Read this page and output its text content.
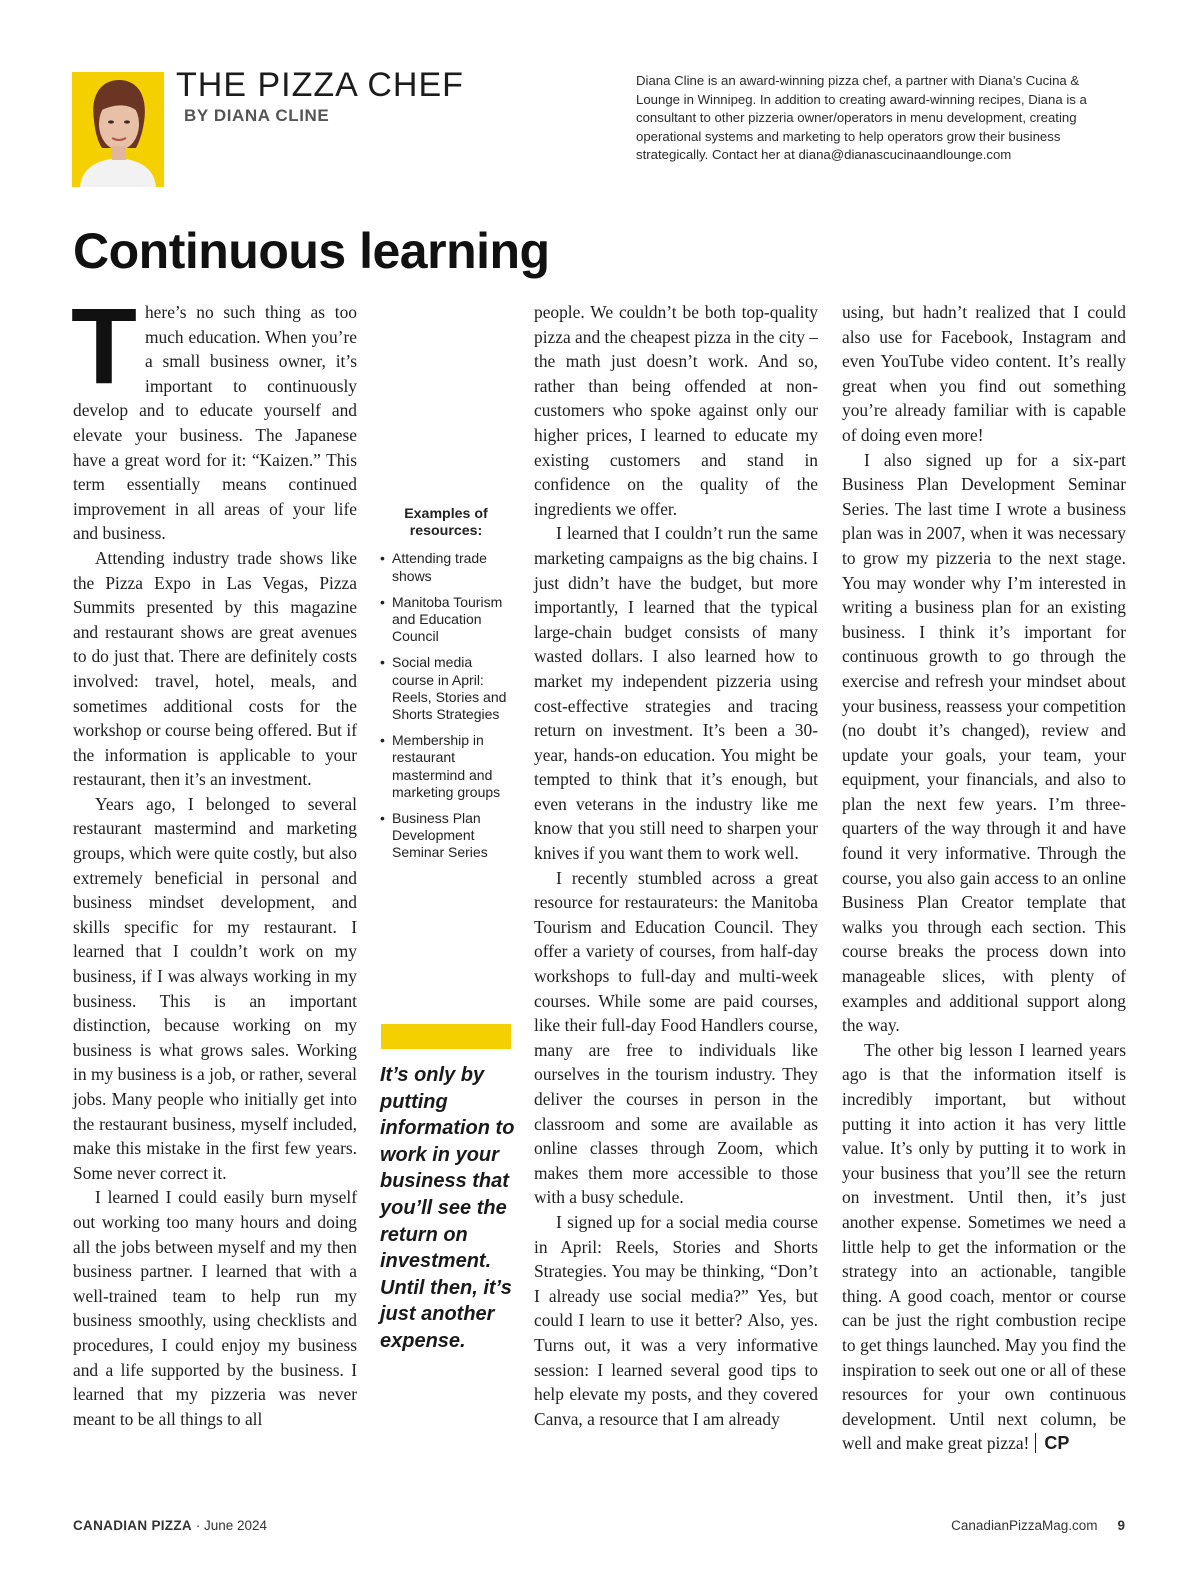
THE PIZZA CHEF
BY DIANA CLINE
Diana Cline is an award-winning pizza chef, a partner with Diana’s Cucina & Lounge in Winnipeg. In addition to creating award-winning recipes, Diana is a consultant to other pizzeria owner/operators in menu development, creating operational systems and marketing to help operators grow their business strategically. Contact her at diana@dianascucinaandlounge.com
Continuous learning

There’s no such thing as too much education. When you’re a small business owner, it’s important to continuously develop and to educate yourself and elevate your business. The Japanese have a great word for it: “Kaizen.” This term essentially means continued improvement in all areas of your life and business.

Attending industry trade shows like the Pizza Expo in Las Vegas, Pizza Summits presented by this magazine and restaurant shows are great avenues to do just that. There are definitely costs involved: travel, hotel, meals, and sometimes additional costs for the workshop or course being offered. But if the information is applicable to your restaurant, then it’s an investment.

Years ago, I belonged to several restaurant mastermind and marketing groups, which were quite costly, but also extremely beneficial in personal and business mindset development, and skills specific for my restaurant. I learned that I couldn’t work on my business, if I was always working in my business. This is an important distinction, because working on my business is what grows sales. Working in my business is a job, or rather, several jobs. Many people who initially get into the restaurant business, myself included, make this mistake in the first few years. Some never correct it.

I learned I could easily burn myself out working too many hours and doing all the jobs between myself and my then business partner. I learned that with a well-trained team to help run my business smoothly, using checklists and procedures, I could enjoy my business and a life supported by the business. I learned that my pizzeria was never meant to be all things to all

Examples of resources:
• Attending trade shows
• Manitoba Tourism and Education Council
• Social media course in April: Reels, Stories and Shorts Strategies
• Membership in restaurant mastermind and marketing groups
• Business Plan Development Seminar Series
It’s only by putting information to work in your business that you’ll see the return on investment. Until then, it’s just another expense.

people. We couldn’t be both top-quality pizza and the cheapest pizza in the city – the math just doesn’t work. And so, rather than being offended at non-customers who spoke against only our higher prices, I learned to educate my existing customers and stand in confidence on the quality of the ingredients we offer.

I learned that I couldn’t run the same marketing campaigns as the big chains. I just didn’t have the budget, but more importantly, I learned that the typical large-chain budget consists of many wasted dollars. I also learned how to market my independent pizzeria using cost-effective strategies and tracing return on investment. It’s been a 30-year, hands-on education. You might be tempted to think that it’s enough, but even veterans in the industry like me know that you still need to sharpen your knives if you want them to work well.

I recently stumbled across a great resource for restaurateurs: the Manitoba Tourism and Education Council. They offer a variety of courses, from half-day workshops to full-day and multi-week courses. While some are paid courses, like their full-day Food Handlers course, many are free to individuals like ourselves in the tourism industry. They deliver the courses in person in the classroom and some are available as online classes through Zoom, which makes them more accessible to those with a busy schedule.

I signed up for a social media course in April: Reels, Stories and Shorts Strategies. You may be thinking, “Don’t I already use social media?” Yes, but could I learn to use it better? Also, yes. Turns out, it was a very informative session: I learned several good tips to help elevate my posts, and they covered Canva, a resource that I am already

using, but hadn’t realized that I could also use for Facebook, Instagram and even YouTube video content. It’s really great when you find out something you’re already familiar with is capable of doing even more!

I also signed up for a six-part Business Plan Development Seminar Series. The last time I wrote a business plan was in 2007, when it was necessary to grow my pizzeria to the next stage. You may wonder why I’m interested in writing a business plan for an existing business. I think it’s important for continuous growth to go through the exercise and refresh your mindset about your business, reassess your competition (no doubt it’s changed), review and update your goals, your team, your equipment, your financials, and also to plan the next few years. I’m three-quarters of the way through it and have found it very informative. Through the course, you also gain access to an online Business Plan Creator template that walks you through each section. This course breaks the process down into manageable slices, with plenty of examples and additional support along the way.

The other big lesson I learned years ago is that the information itself is incredibly important, but without putting it into action it has very little value. It’s only by putting it to work in your business that you’ll see the return on investment. Until then, it’s just another expense. Sometimes we need a little help to get the information or the strategy into an actionable, tangible thing. A good coach, mentor or course can be just the right combustion recipe to get things launched. May you find the inspiration to seek out one or all of these resources for your own continuous development. Until next column, be well and make great pizza! CP

CANADIAN PIZZA · June 2024	CanadianPizzaMag.com 9
